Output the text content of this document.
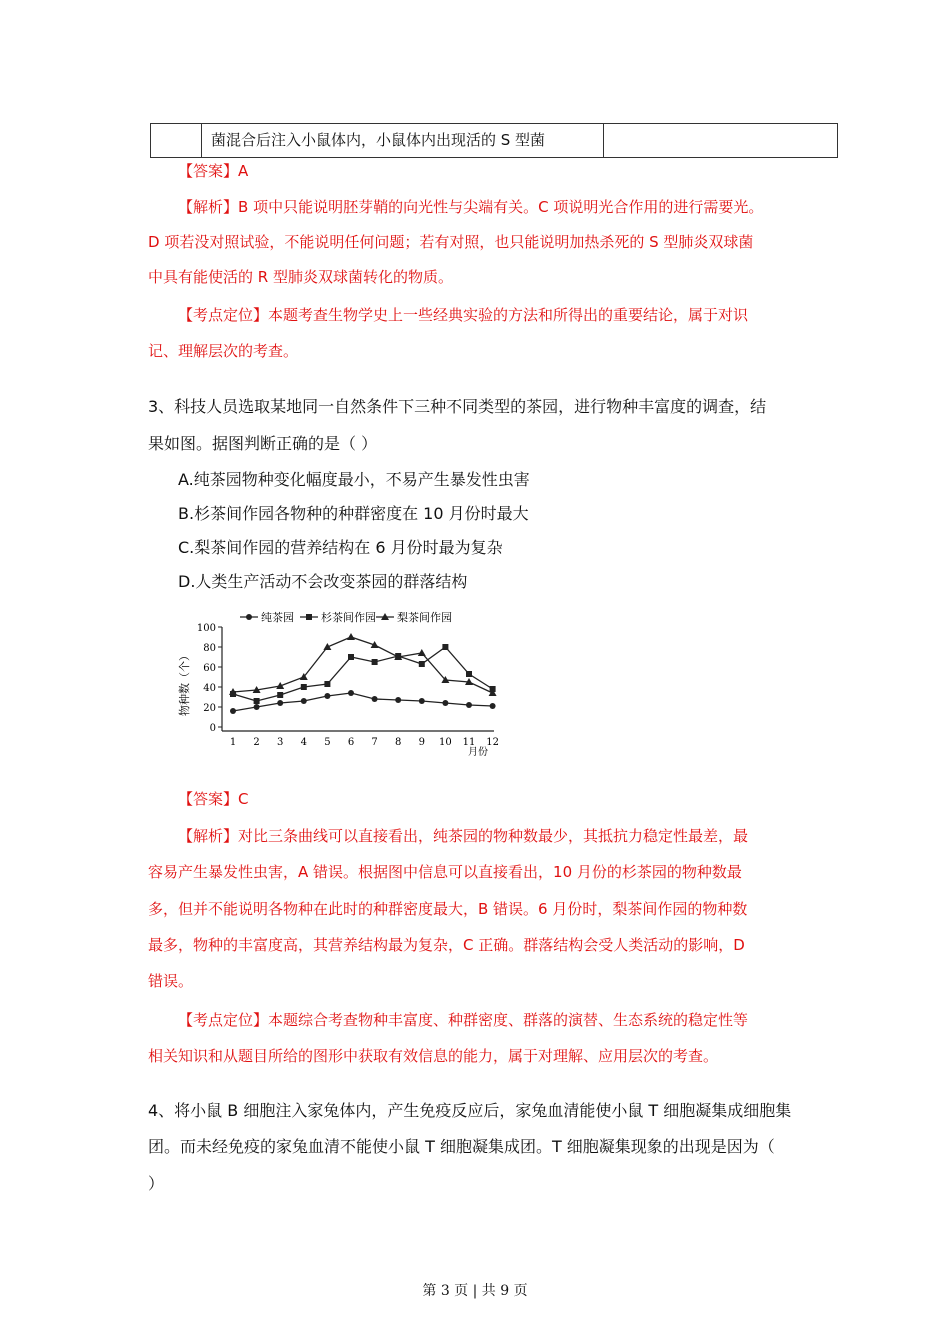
菌混合后注入小鼠体内，小鼠体内出现活的 S 型菌
【答案】A
【解析】B 项中只能说明胚芽鞘的向光性与尖端有关。C 项说明光合作用的进行需要光。
D 项若没对照试验，不能说明任何问题；若有对照，也只能说明加热杀死的 S 型肺炎双球菌
中具有能使活的 R 型肺炎双球菌转化的物质。
【考点定位】本题考查生物学史上一些经典实验的方法和所得出的重要结论，属于对识
记、理解层次的考查。
3、科技人员选取某地同一自然条件下三种不同类型的茶园，进行物种丰富度的调查，结
果如图。据图判断正确的是（ ）
A.纯茶园物种变化幅度最小，不易产生暴发性虫害
B.杉茶间作园各物种的种群密度在 10 月份时最大
C.梨茶间作园的营养结构在 6 月份时最为复杂
D.人类生产活动不会改变茶园的群落结构
纯茶园 杉茶间作园 梨茶间作园
物种数（个）
月份
0
20
40
60
80
100
1 2 3 4 5 6 7 8 9 10 11 12
【答案】C
【解析】对比三条曲线可以直接看出，纯茶园的物种数最少，其抵抗力稳定性最差，最
容易产生暴发性虫害，A 错误。根据图中信息可以直接看出，10 月份的杉茶园的物种数最
多，但并不能说明各物种在此时的种群密度最大，B 错误。6 月份时，梨茶间作园的物种数
最多，物种的丰富度高，其营养结构最为复杂，C 正确。群落结构会受人类活动的影响，D
错误。
【考点定位】本题综合考查物种丰富度、种群密度、群落的演替、生态系统的稳定性等
相关知识和从题目所给的图形中获取有效信息的能力，属于对理解、应用层次的考查。
4、将小鼠 B 细胞注入家兔体内，产生免疫反应后，家兔血清能使小鼠 T 细胞凝集成细胞集
团。而未经免疫的家兔血清不能使小鼠 T 细胞凝集成团。T 细胞凝集现象的出现是因为（
）
第 3 页 | 共 9 页
